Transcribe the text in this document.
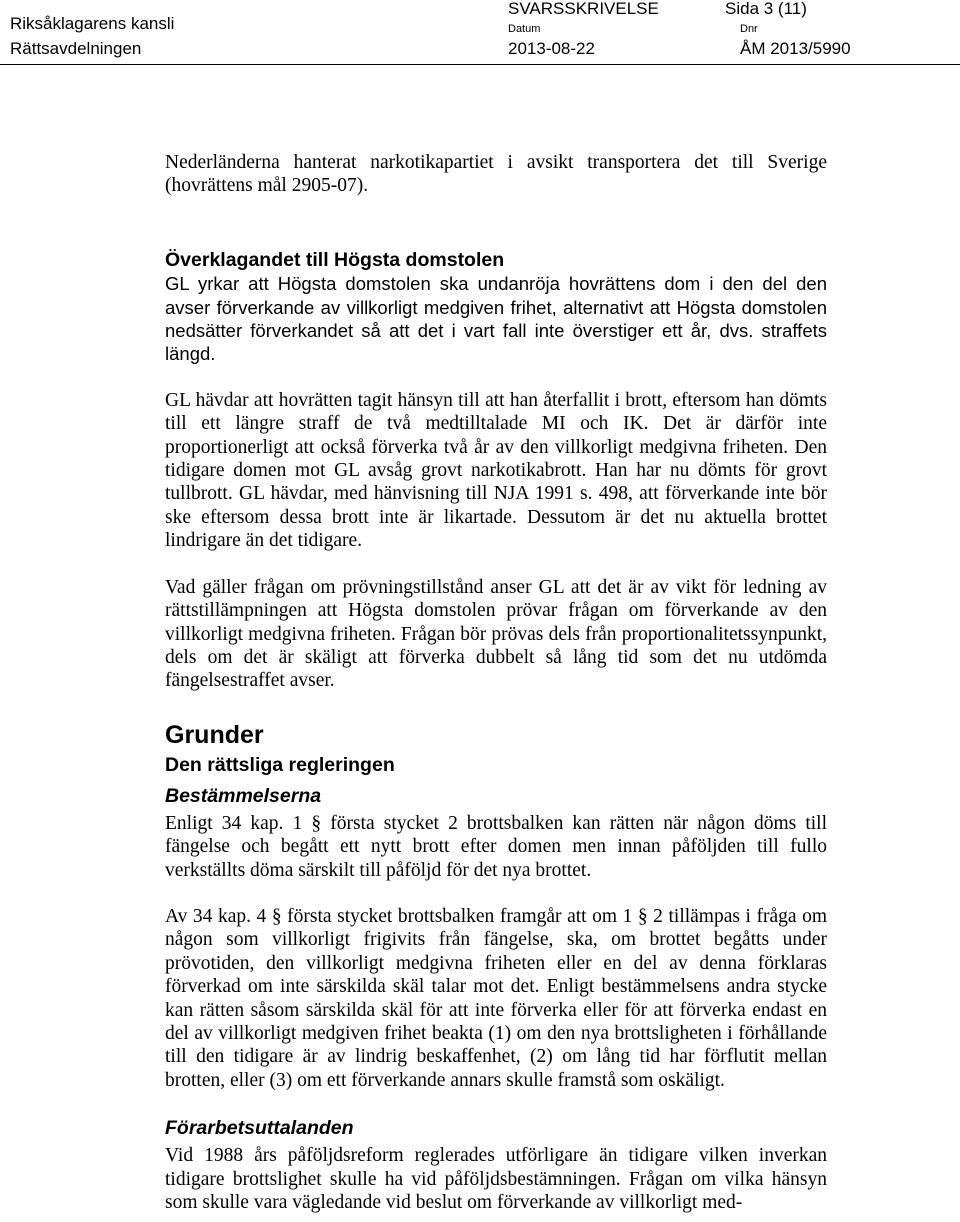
Riksåklagarens kansli
Rättsavdelningen
SVARSSKRIVELSE	Sida 3 (11)
Datum	Dnr
2013-08-22	ÅM 2013/5990

Nederländerna hanterat narkotikapartiet i avsikt transportera det till Sverige (hovrättens mål 2905-07).

Överklagandet till Högsta domstolen

GL yrkar att Högsta domstolen ska undanröja hovrättens dom i den del den avser förverkande av villkorligt medgiven frihet, alternativt att Högsta domstolen nedsätter förverkandet så att det i vart fall inte överstiger ett år, dvs. straffets längd.

GL hävdar att hovrätten tagit hänsyn till att han återfallit i brott, eftersom han dömts till ett längre straff de två medtilltalade MI och IK. Det är därför inte proportionerligt att också förverka två år av den villkorligt medgivna friheten. Den tidigare domen mot GL avsåg grovt narkotikabrott. Han har nu dömts för grovt tullbrott. GL hävdar, med hänvisning till NJA 1991 s. 498, att förverkande inte bör ske eftersom dessa brott inte är likartade. Dessutom är det nu aktuella brottet lindrigare än det tidigare.

Vad gäller frågan om prövningstillstånd anser GL att det är av vikt för ledning av rättstillämpningen att Högsta domstolen prövar frågan om förverkande av den villkorligt medgivna friheten. Frågan bör prövas dels från proportionalitetssynpunkt, dels om det är skäligt att förverka dubbelt så lång tid som det nu utdömda fängelsestraffet avser.

Grunder
Den rättsliga regleringen
Bestämmelserna

Enligt 34 kap. 1 § första stycket 2 brottsbalken kan rätten när någon döms till fängelse och begått ett nytt brott efter domen men innan påföljden till fullo verkställts döma särskilt till påföljd för det nya brottet.

Av 34 kap. 4 § första stycket brottsbalken framgår att om 1 § 2 tillämpas i fråga om någon som villkorligt frigivits från fängelse, ska, om brottet begåtts under prövotiden, den villkorligt medgivna friheten eller en del av denna förklaras förverkad om inte särskilda skäl talar mot det. Enligt bestämmelsens andra stycke kan rätten såsom särskilda skäl för att inte förverka eller för att förverka endast en del av villkorligt medgiven frihet beakta (1) om den nya brottsligheten i förhållande till den tidigare är av lindrig beskaffenhet, (2) om lång tid har förflutit mellan brotten, eller (3) om ett förverkande annars skulle framstå som oskäligt.

Förarbetsuttalanden

Vid 1988 års påföljdsreform reglerades utförligare än tidigare vilken inverkan tidigare brottslighet skulle ha vid påföljdsbestämningen. Frågan om vilka hänsyn som skulle vara vägledande vid beslut om förverkande av villkorligt med-
